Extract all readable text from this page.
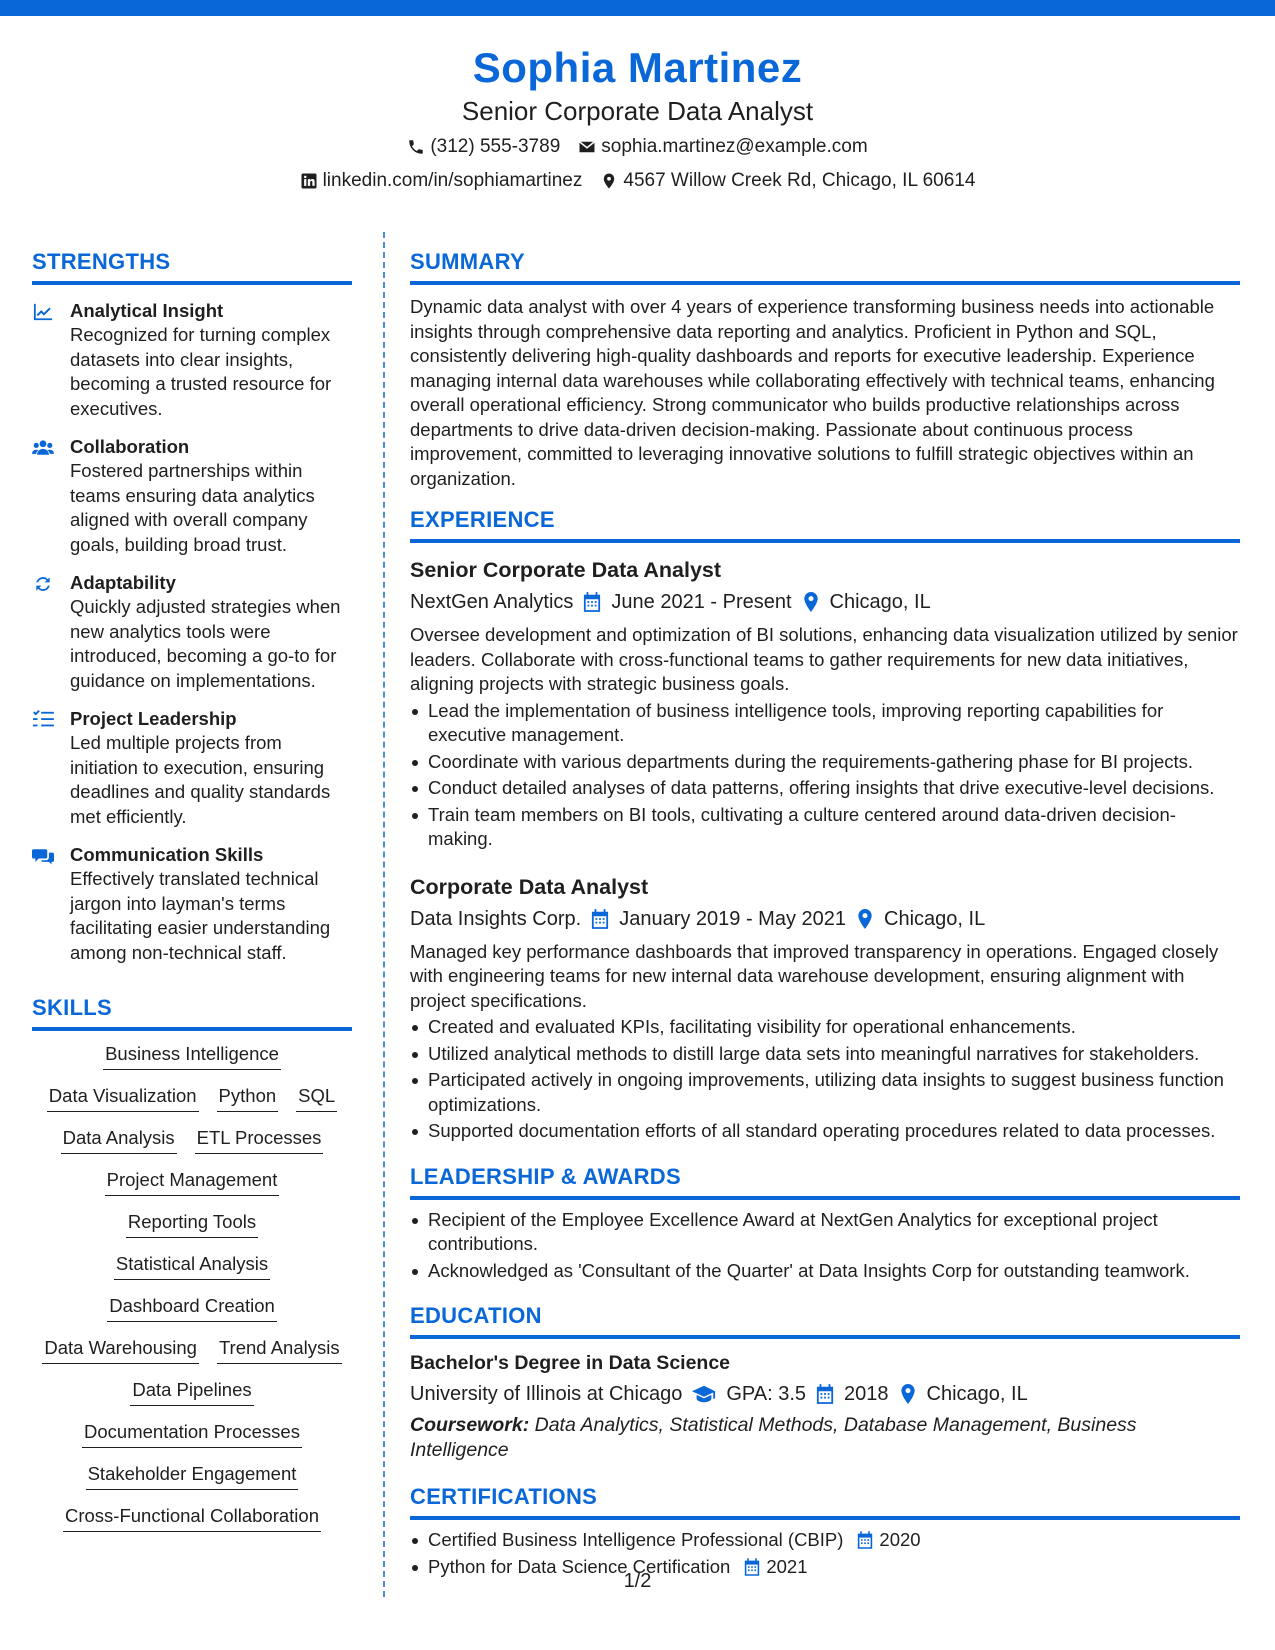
Sophia Martinez
Senior Corporate Data Analyst
(312) 555-3789 sophia.martinez@example.com
linkedin.com/in/sophiamartinez 4567 Willow Creek Rd, Chicago, IL 60614
STRENGTHS
Analytical Insight
Recognized for turning complex datasets into clear insights, becoming a trusted resource for executives.
Collaboration
Fostered partnerships within teams ensuring data analytics aligned with overall company goals, building broad trust.
Adaptability
Quickly adjusted strategies when new analytics tools were introduced, becoming a go-to for guidance on implementations.
Project Leadership
Led multiple projects from initiation to execution, ensuring deadlines and quality standards met efficiently.
Communication Skills
Effectively translated technical jargon into layman's terms facilitating easier understanding among non-technical staff.
SKILLS
Business Intelligence
Data Visualization Python SQL
Data Analysis ETL Processes
Project Management
Reporting Tools
Statistical Analysis
Dashboard Creation
Data Warehousing Trend Analysis
Data Pipelines
Documentation Processes
Stakeholder Engagement
Cross-Functional Collaboration
SUMMARY
Dynamic data analyst with over 4 years of experience transforming business needs into actionable insights through comprehensive data reporting and analytics. Proficient in Python and SQL, consistently delivering high-quality dashboards and reports for executive leadership. Experience managing internal data warehouses while collaborating effectively with technical teams, enhancing overall operational efficiency. Strong communicator who builds productive relationships across departments to drive data-driven decision-making. Passionate about continuous process improvement, committed to leveraging innovative solutions to fulfill strategic objectives within an organization.
EXPERIENCE
Senior Corporate Data Analyst
NextGen Analytics June 2021 - Present Chicago, IL
Oversee development and optimization of BI solutions, enhancing data visualization utilized by senior leaders. Collaborate with cross-functional teams to gather requirements for new data initiatives, aligning projects with strategic business goals.
Lead the implementation of business intelligence tools, improving reporting capabilities for executive management.
Coordinate with various departments during the requirements-gathering phase for BI projects.
Conduct detailed analyses of data patterns, offering insights that drive executive-level decisions.
Train team members on BI tools, cultivating a culture centered around data-driven decision-making.
Corporate Data Analyst
Data Insights Corp. January 2019 - May 2021 Chicago, IL
Managed key performance dashboards that improved transparency in operations. Engaged closely with engineering teams for new internal data warehouse development, ensuring alignment with project specifications.
Created and evaluated KPIs, facilitating visibility for operational enhancements.
Utilized analytical methods to distill large data sets into meaningful narratives for stakeholders.
Participated actively in ongoing improvements, utilizing data insights to suggest business function optimizations.
Supported documentation efforts of all standard operating procedures related to data processes.
LEADERSHIP & AWARDS
Recipient of the Employee Excellence Award at NextGen Analytics for exceptional project contributions.
Acknowledged as 'Consultant of the Quarter' at Data Insights Corp for outstanding teamwork.
EDUCATION
Bachelor's Degree in Data Science
University of Illinois at Chicago GPA: 3.5 2018 Chicago, IL
Coursework: Data Analytics, Statistical Methods, Database Management, Business Intelligence
CERTIFICATIONS
Certified Business Intelligence Professional (CBIP) 2020
Python for Data Science Certification 2021
1/2
